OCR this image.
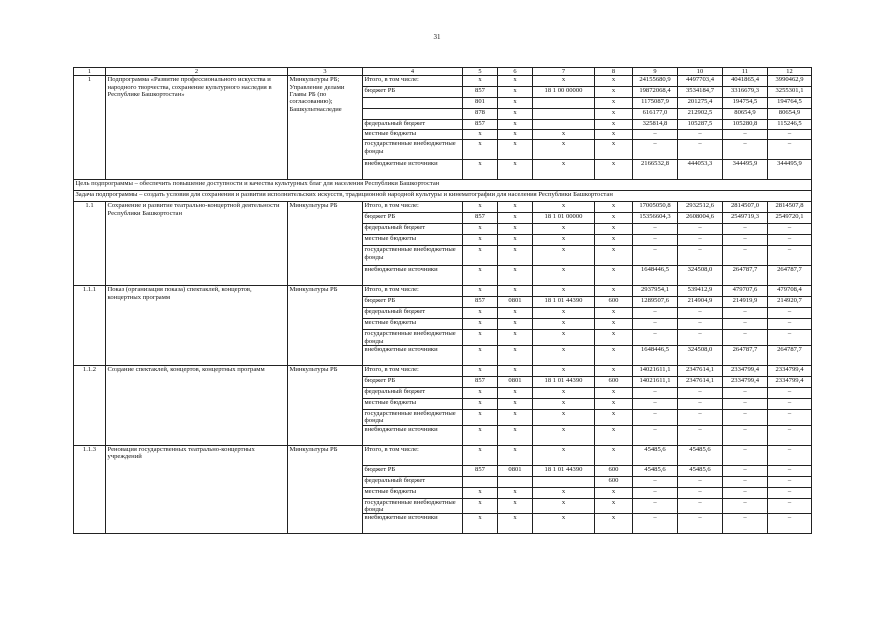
31
1	2	3	4	5	6	7	8	9	10	11	12
1	Подпрограмма «Развитие профессионального искусства и народного творчества, сохранение культурного наследия в Республике Башкортостан»	Минкультуры РБ; Управление делами Главы РБ (по согласованию); Башкультнаследие	Итого, в том числе:	х	х	х	х	24155680,9	4497703,4	4041865,4	3990462,9
			бюджет РБ	857	х	18 1 00 00000	х	19872068,4	3534184,7	3316679,3	3255301,1
				801	х		х	1175087,9	201275,4	194754,5	194764,5
				878	х		х	616177,0	212902,5	80654,9	80654,9
			федеральный бюджет	857	х		х	325814,8	105287,5	105280,8	115246,5
			местные бюджеты	х	х	х	х	–	–	–	–
			государственные внебюджетные фонды	х	х	х	х	–	–	–	–
			внебюджетные источники	х	х	х	х	2166532,8	444053,3	344495,9	344495,9
Цель подпрограммы – обеспечить повышение доступности и качества культурных благ для населения Республики Башкортостан											
Задача подпрограммы – создать условия для сохранения и развития исполнительских искусств, традиционной народной культуры и кинематографии для населения Республики Башкортостан											
1.1	Сохранение и развитие театрально-концертной деятельности Республики Башкортостан	Минкультуры РБ	Итого, в том числе:	х	х	х	х	17005050,8	2932512,6	2814507,0	2814507,8
			бюджет РБ	857	х	18 1 01 00000	х	15356604,3	2608004,6	2549719,3	2549720,1
			федеральный бюджет	х	х	х	х	–	–	–	–
			местные бюджеты	х	х	х	х	–	–	–	–
			государственные внебюджетные фонды	х	х	х	х	–	–	–	–
			внебюджетные источники	х	х	х	х	1648446,5	324508,0	264787,7	264787,7
1.1.1	Показ (организация показа) спектаклей, концертов, концертных программ	Минкультуры РБ	Итого, в том числе:	х	х	х	х	2937954,1	539412,9	479707,6	479708,4
			бюджет РБ	857	0801	18 1 01 44390	600	1289507,6	214904,9	214919,9	214920,7
			федеральный бюджет	х	х	х	х	–	–	–	–
			местные бюджеты	х	х	х	х	–	–	–	–
			государственные внебюджетные фонды	х	х	х	х	–	–	–	–
			внебюджетные источники	х	х	х	х	1648446,5	324508,0	264787,7	264787,7
1.1.2	Создание спектаклей, концертов, концертных программ	Минкультуры РБ	Итого, в том числе:	х	х	х	х	14021611,1	2347614,1	2334799,4	2334799,4
			бюджет РБ	857	0801	18 1 01 44390	600	14021611,1	2347614,1	2334799,4	2334799,4
			федеральный бюджет	х	х	х	х	–	–	–	–
			местные бюджеты	х	х	х	х	–	–	–	–
			государственные внебюджетные фонды	х	х	х	х	–	–	–	–
			внебюджетные источники	х	х	х	х	–	–	–	–
1.1.3	Реновация государственных театрально-концертных учреждений	Минкультуры РБ	Итого, в том числе:	х	х	х	х	45485,6	45485,6	–	–
			бюджет РБ	857	0801	18 1 01 44390	600	45485,6	45485,6	–	–
			федеральный бюджет				600	–	–	–	–
			местные бюджеты	х	х	х	х	–	–	–	–
			государственные внебюджетные фонды	х	х	х	х	–	–	–	–
			внебюджетные источники	х	х	х	х	–	–	–	–
